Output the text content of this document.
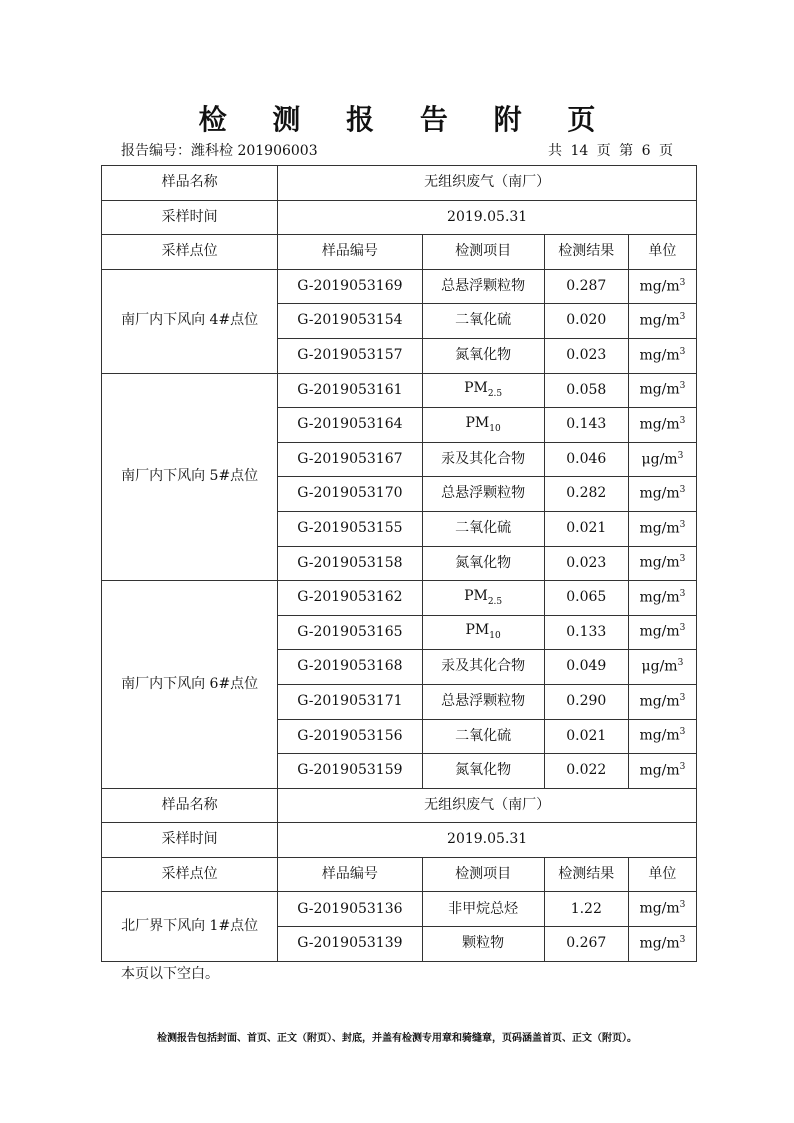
检 测 报 告 附 页
报告编号：潍科检 201906003	共 14 页 第 6 页
样品名称	无组织废气（南厂）			
采样时间	2019.05.31			
采样点位	样品编号	检测项目	检测结果	单位
南厂内下风向 4#点位	G-2019053169	总悬浮颗粒物	0.287	$mg/m^3$
	G-2019053154	二氧化硫	0.020	$mg/m^3$
	G-2019053157	氮氧化物	0.023	$mg/m^3$
南厂内下风向 5#点位	G-2019053161	$PM_{2.5}$	0.058	$mg/m^3$
	G-2019053164	$PM_{10}$	0.143	$mg/m^3$
	G-2019053167	汞及其化合物	0.046	$\mu g/m^3$
	G-2019053170	总悬浮颗粒物	0.282	$mg/m^3$
	G-2019053155	二氧化硫	0.021	$mg/m^3$
	G-2019053158	氮氧化物	0.023	$mg/m^3$
南厂内下风向 6#点位	G-2019053162	$PM_{2.5}$	0.065	$mg/m^3$
	G-2019053165	$PM_{10}$	0.133	$mg/m^3$
	G-2019053168	汞及其化合物	0.049	$\mu g/m^3$
	G-2019053171	总悬浮颗粒物	0.290	$mg/m^3$
	G-2019053156	二氧化硫	0.021	$mg/m^3$
	G-2019053159	氮氧化物	0.022	$mg/m^3$
样品名称	无组织废气（南厂）			
采样时间	2019.05.31			
采样点位	样品编号	检测项目	检测结果	单位
北厂界下风向 1#点位	G-2019053136	非甲烷总烃	1.22	$mg/m^3$
	G-2019053139	颗粒物	0.267	$mg/m^3$
本页以下空白。
检测报告包括封面、首页、正文（附页）、封底，并盖有检测专用章和骑缝章，页码涵盖首页、正文（附页）。
